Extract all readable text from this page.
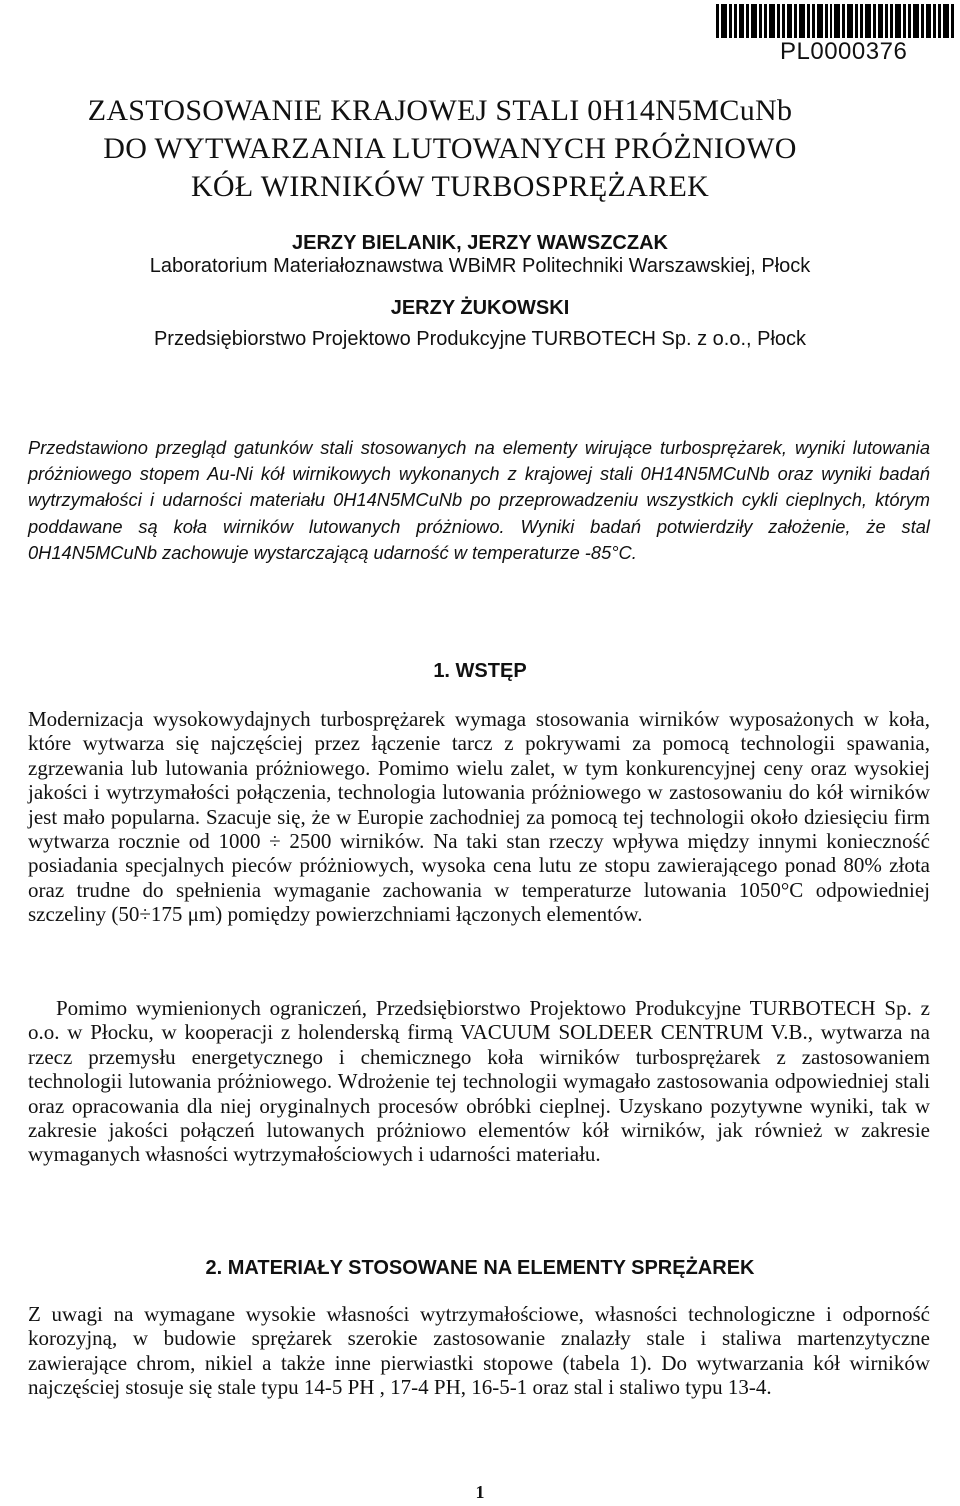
PL0000376
ZASTOSOWANIE KRAJOWEJ STALI 0H14N5MCuNb
DO WYTWARZANIA LUTOWANYCH PRÓŻNIOWO
KÓŁ WIRNIKÓW TURBOSPRĘŻAREK
JERZY BIELANIK, JERZY WAWSZCZAK
Laboratorium Materiałoznawstwa WBiMR Politechniki Warszawskiej, Płock
JERZY ŻUKOWSKI
Przedsiębiorstwo Projektowo Produkcyjne TURBOTECH Sp. z o.o., Płock
Przedstawiono przegląd gatunków stali stosowanych na elementy wirujące turbosprężarek, wyniki lutowania próżniowego stopem Au-Ni kół wirnikowych wykonanych z krajowej stali 0H14N5MCuNb oraz wyniki badań wytrzymałości i udarności materiału 0H14N5MCuNb po przeprowadzeniu wszystkich cykli cieplnych, którym poddawane są koła wirników lutowanych próżniowo. Wyniki badań potwierdziły założenie, że stal 0H14N5MCuNb zachowuje wystarczającą udarność w temperaturze -85°C.
1. WSTĘP
Modernizacja wysokowydajnych turbosprężarek wymaga stosowania wirników wyposażonych w koła, które wytwarza się najczęściej przez łączenie tarcz z pokrywami za pomocą technologii spawania, zgrzewania lub lutowania próżniowego. Pomimo wielu zalet, w tym konkurencyjnej ceny oraz wysokiej jakości i wytrzymałości połączenia, technologia lutowania próżniowego w zastosowaniu do kół wirników jest mało popularna. Szacuje się, że w Europie zachodniej za pomocą tej technologii około dziesięciu firm wytwarza rocznie od 1000 ÷ 2500 wirników. Na taki stan rzeczy wpływa między innymi konieczność posiadania specjalnych pieców próżniowych, wysoka cena lutu ze stopu zawierającego ponad 80% złota oraz trudne do spełnienia wymaganie zachowania w temperaturze lutowania 1050°C odpowiedniej szczeliny (50÷175 μm) pomiędzy powierzchniami łączonych elementów.
Pomimo wymienionych ograniczeń, Przedsiębiorstwo Projektowo Produkcyjne TURBOTECH Sp. z o.o. w Płocku, w kooperacji z holenderską firmą VACUUM SOLDEER CENTRUM V.B., wytwarza na rzecz przemysłu energetycznego i chemicznego koła wirników turbosprężarek z zastosowaniem technologii lutowania próżniowego. Wdrożenie tej technologii wymagało zastosowania odpowiedniej stali oraz opracowania dla niej oryginalnych procesów obróbki cieplnej. Uzyskano pozytywne wyniki, tak w zakresie jakości połączeń lutowanych próżniowo elementów kół wirników, jak również w zakresie wymaganych własności wytrzymałościowych i udarności materiału.
2. MATERIAŁY STOSOWANE NA ELEMENTY SPRĘŻAREK
Z uwagi na wymagane wysokie własności wytrzymałościowe, własności technologiczne i odporność korozyjną, w budowie sprężarek szerokie zastosowanie znalazły stale i staliwa martenzytyczne zawierające chrom, nikiel a także inne pierwiastki stopowe (tabela 1). Do wytwarzania kół wirników najczęściej stosuje się stale typu 14-5 PH , 17-4 PH, 16-5-1 oraz stal i staliwo typu 13-4.
1
